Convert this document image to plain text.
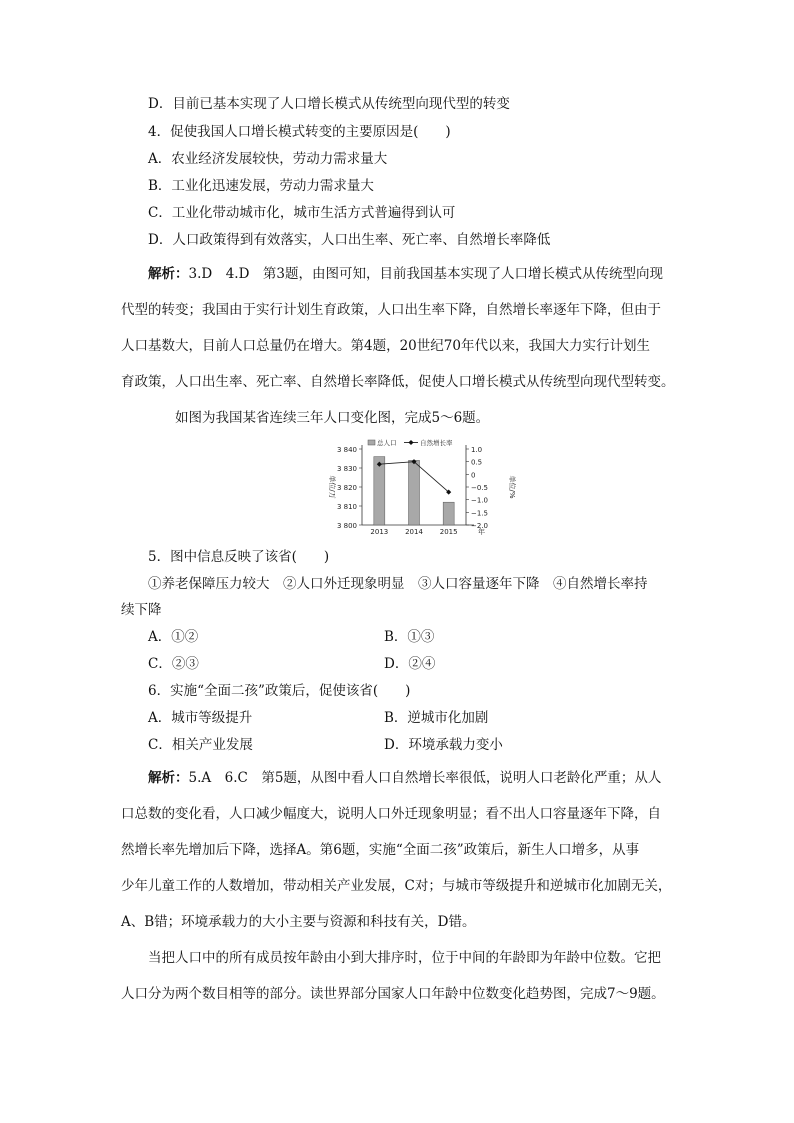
D．目前已基本实现了人口增长模式从传统型向现代型的转变
4．促使我国人口增长模式转变的主要原因是(　　)
A．农业经济发展较快，劳动力需求量大
B．工业化迅速发展，劳动力需求量大
C．工业化带动城市化，城市生活方式普遍得到认可
D．人口政策得到有效落实，人口出生率、死亡率、自然增长率降低
解析：3.D　4.D　第3题，由图可知，目前我国基本实现了人口增长模式从传统型向现
代型的转变；我国由于实行计划生育政策，人口出生率下降，自然增长率逐年下降，但由于
人口基数大，目前人口总量仍在增大。第4题，20世纪70年代以来，我国大力实行计划生
育政策，人口出生率、死亡率、自然增长率降低，促使人口增长模式从传统型向现代型转变。
如图为我国某省连续三年人口变化图，完成5～6题。
3 800
3 810
3 820
3 830
3 840	1.0
0.5
0
−0.5
−1.0
−1.5
−2.0
单位/万	单位/%
2013 2014 2015	年
总人口	自然增长率
5．图中信息反映了该省(　　)
①养老保障压力较大　②人口外迁现象明显　③人口容量逐年下降　④自然增长率持
续下降
A．①②	B．①③
C．②③	D．②④
6．实施“全面二孩”政策后，促使该省(　　)
A．城市等级提升	B．逆城市化加剧
C．相关产业发展	D．环境承载力变小
解析：5.A　6.C　第5题，从图中看人口自然增长率很低，说明人口老龄化严重；从人
口总数的变化看，人口减少幅度大，说明人口外迁现象明显；看不出人口容量逐年下降，自
然增长率先增加后下降，选择A。第6题，实施“全面二孩”政策后，新生人口增多，从事
少年儿童工作的人数增加，带动相关产业发展，C对；与城市等级提升和逆城市化加剧无关，
A、B错；环境承载力的大小主要与资源和科技有关，D错。
当把人口中的所有成员按年龄由小到大排序时，位于中间的年龄即为年龄中位数。它把
人口分为两个数目相等的部分。读世界部分国家人口年龄中位数变化趋势图，完成7～9题。
